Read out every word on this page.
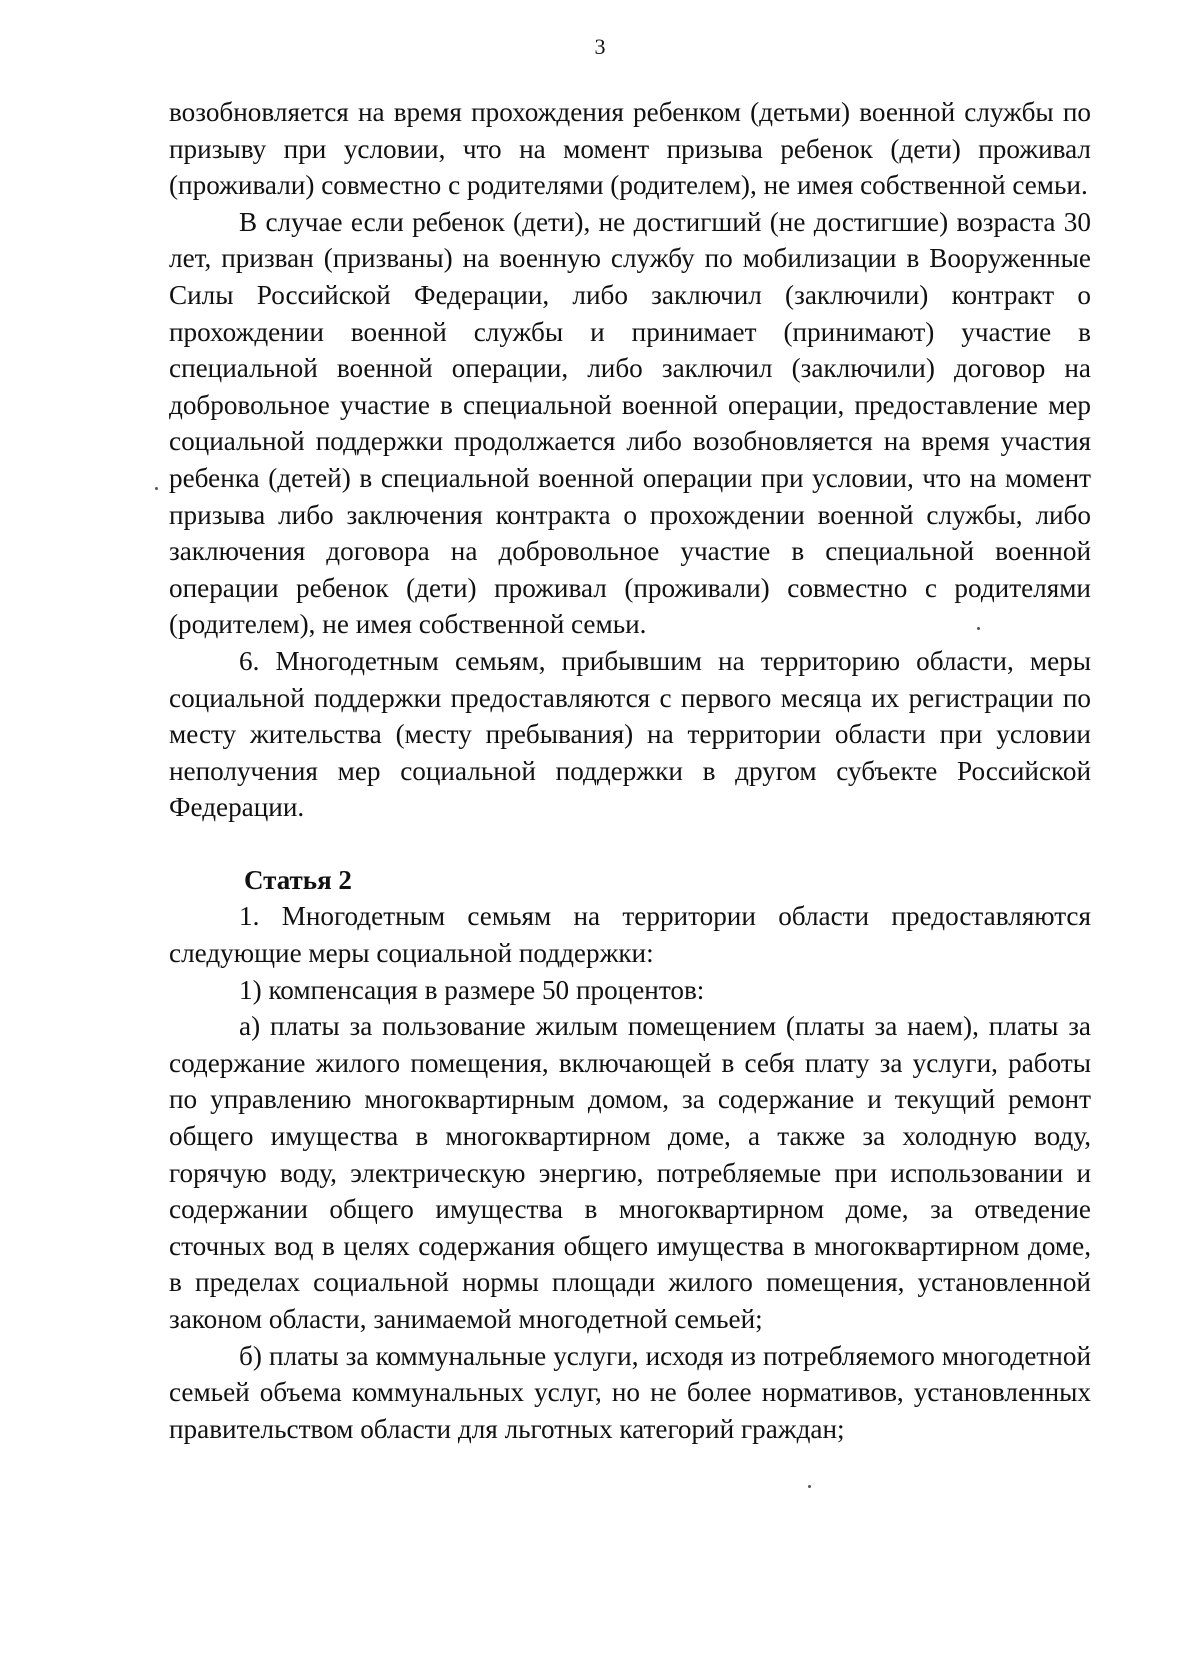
3

возобновляется на время прохождения ребенком (детьми) военной службы по призыву при условии, что на момент призыва ребенок (дети) проживал (проживали) совместно с родителями (родителем), не имея собственной семьи.

В случае если ребенок (дети), не достигший (не достигшие) возраста 30 лет, призван (призваны) на военную службу по мобилизации в Вооруженные Силы Российской Федерации, либо заключил (заключили) контракт о прохождении военной службы и принимает (принимают) участие в специальной военной операции, либо заключил (заключили) договор на добровольное участие в специальной военной операции, предоставление мер социальной поддержки продолжается либо возобновляется на время участия ребенка (детей) в специальной военной операции при условии, что на момент призыва либо заключения контракта о прохождении военной службы, либо заключения договора на добровольное участие в специальной военной операции ребенок (дети) проживал (проживали) совместно с родителями (родителем), не имея собственной семьи.

6. Многодетным семьям, прибывшим на территорию области, меры социальной поддержки предоставляются с первого месяца их регистрации по месту жительства (месту пребывания) на территории области при условии неполучения мер социальной поддержки в другом субъекте Российской Федерации.

Статья 2

1. Многодетным семьям на территории области предоставляются следующие меры социальной поддержки:

1) компенсация в размере 50 процентов:

а) платы за пользование жилым помещением (платы за наем), платы за содержание жилого помещения, включающей в себя плату за услуги, работы по управлению многоквартирным домом, за содержание и текущий ремонт общего имущества в многоквартирном доме, а также за холодную воду, горячую воду, электрическую энергию, потребляемые при использовании и содержании общего имущества в многоквартирном доме, за отведение сточных вод в целях содержания общего имущества в многоквартирном доме, в пределах социальной нормы площади жилого помещения, установленной законом области, занимаемой многодетной семьей;

б) платы за коммунальные услуги, исходя из потребляемого многодетной семьей объема коммунальных услуг, но не более нормативов, установленных правительством области для льготных категорий граждан;
